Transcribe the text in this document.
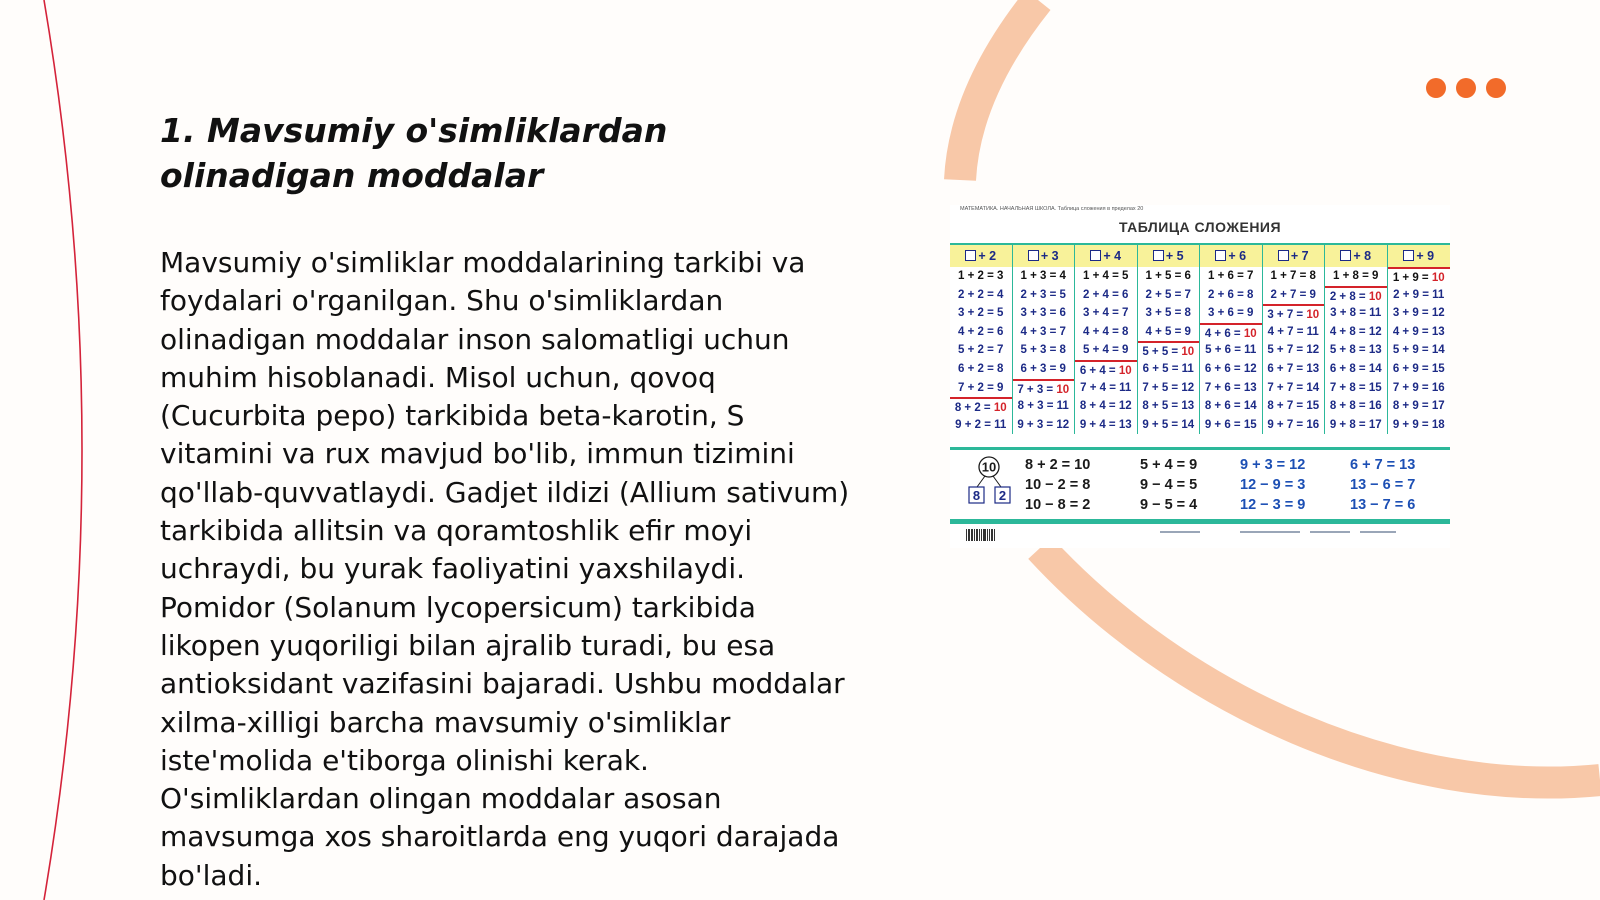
1. Mavsumiy o'simliklardan olinadigan moddalar

Mavsumiy o'simliklar moddalarining tarkibi va foydalari o'rganilgan. Shu o'simliklardan olinadigan moddalar inson salomatligi uchun muhim hisoblanadi. Misol uchun, qovoq (Cucurbita pepo) tarkibida beta-karotin, S vitamini va rux mavjud bo'lib, immun tizimini qo'llab-quvvatlaydi. Gadjet ildizi (Allium sativum) tarkibida allitsin va qoramtoshlik efir moyi uchraydi, bu yurak faoliyatini yaxshilaydi. Pomidor (Solanum lycopersicum) tarkibida likopen yuqoriligi bilan ajralib turadi, bu esa antioksidant vazifasini bajaradi. Ushbu moddalar xilma-xilligi barcha mavsumiy o'simliklar iste'molida e'tiborga olinishi kerak. O'simliklardan olingan moddalar asosan mavsumga xos sharoitlarda eng yuqori darajada bo'ladi.

МАТЕМАТИКА. НАЧАЛЬНАЯ ШКОЛА. Таблица сложения в пределах 20
ТАБЛИЦА СЛОЖЕНИЯ
+ 2
1 + 2 = 3
2 + 2 = 4
3 + 2 = 5
4 + 2 = 6
5 + 2 = 7
6 + 2 = 8
7 + 2 = 9
8 + 2 = 10
9 + 2 = 11
+ 3
1 + 3 = 4
2 + 3 = 5
3 + 3 = 6
4 + 3 = 7
5 + 3 = 8
6 + 3 = 9
7 + 3 = 10
8 + 3 = 11
9 + 3 = 12
+ 4
1 + 4 = 5
2 + 4 = 6
3 + 4 = 7
4 + 4 = 8
5 + 4 = 9
6 + 4 = 10
7 + 4 = 11
8 + 4 = 12
9 + 4 = 13
+ 5
1 + 5 = 6
2 + 5 = 7
3 + 5 = 8
4 + 5 = 9
5 + 5 = 10
6 + 5 = 11
7 + 5 = 12
8 + 5 = 13
9 + 5 = 14
+ 6
1 + 6 = 7
2 + 6 = 8
3 + 6 = 9
4 + 6 = 10
5 + 6 = 11
6 + 6 = 12
7 + 6 = 13
8 + 6 = 14
9 + 6 = 15
+ 7
1 + 7 = 8
2 + 7 = 9
3 + 7 = 10
4 + 7 = 11
5 + 7 = 12
6 + 7 = 13
7 + 7 = 14
8 + 7 = 15
9 + 7 = 16
+ 8
1 + 8 = 9
2 + 8 = 10
3 + 8 = 11
4 + 8 = 12
5 + 8 = 13
6 + 8 = 14
7 + 8 = 15
8 + 8 = 16
9 + 8 = 17
+ 9
1 + 9 = 10
2 + 9 = 11
3 + 9 = 12
4 + 9 = 13
5 + 9 = 14
6 + 9 = 15
7 + 9 = 16
8 + 9 = 17
9 + 9 = 18
10
8 2
8 + 2 = 10
10 − 2 = 8
10 − 8 = 2
5 + 4 = 9
9 − 4 = 5
9 − 5 = 4
9 + 3 = 12
12 − 9 = 3
12 − 3 = 9
6 + 7 = 13
13 − 6 = 7
13 − 7 = 6
